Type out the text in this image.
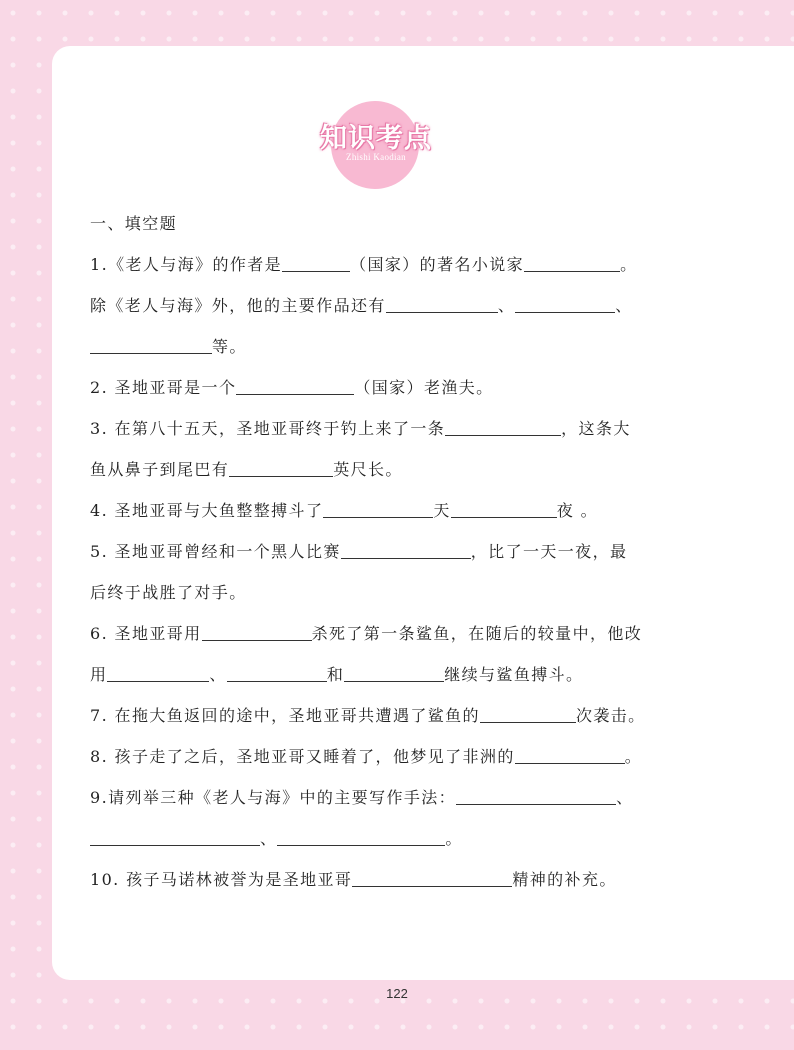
知识考点
Zhishi Kaodian
一、填空题
1.《老人与海》的作者是	（国家）的著名小说家	。
除《老人与海》外，他的主要作品还有	、	、
等。
2. 圣地亚哥是一个	（国家）老渔夫。
3. 在第八十五天，圣地亚哥终于钓上来了一条	，这条大
鱼从鼻子到尾巴有	英尺长。
4. 圣地亚哥与大鱼整整搏斗了	天	夜 。
5. 圣地亚哥曾经和一个黑人比赛	，比了一天一夜，最
后终于战胜了对手。
6. 圣地亚哥用	杀死了第一条鲨鱼，在随后的较量中，他改
用	、	和	继续与鲨鱼搏斗。
7. 在拖大鱼返回的途中，圣地亚哥共遭遇了鲨鱼的	次袭击。
8. 孩子走了之后，圣地亚哥又睡着了，他梦见了非洲的	。
9.请列举三种《老人与海》中的主要写作手法：	、
、	。
10. 孩子马诺林被誉为是圣地亚哥	精神的补充。
122
